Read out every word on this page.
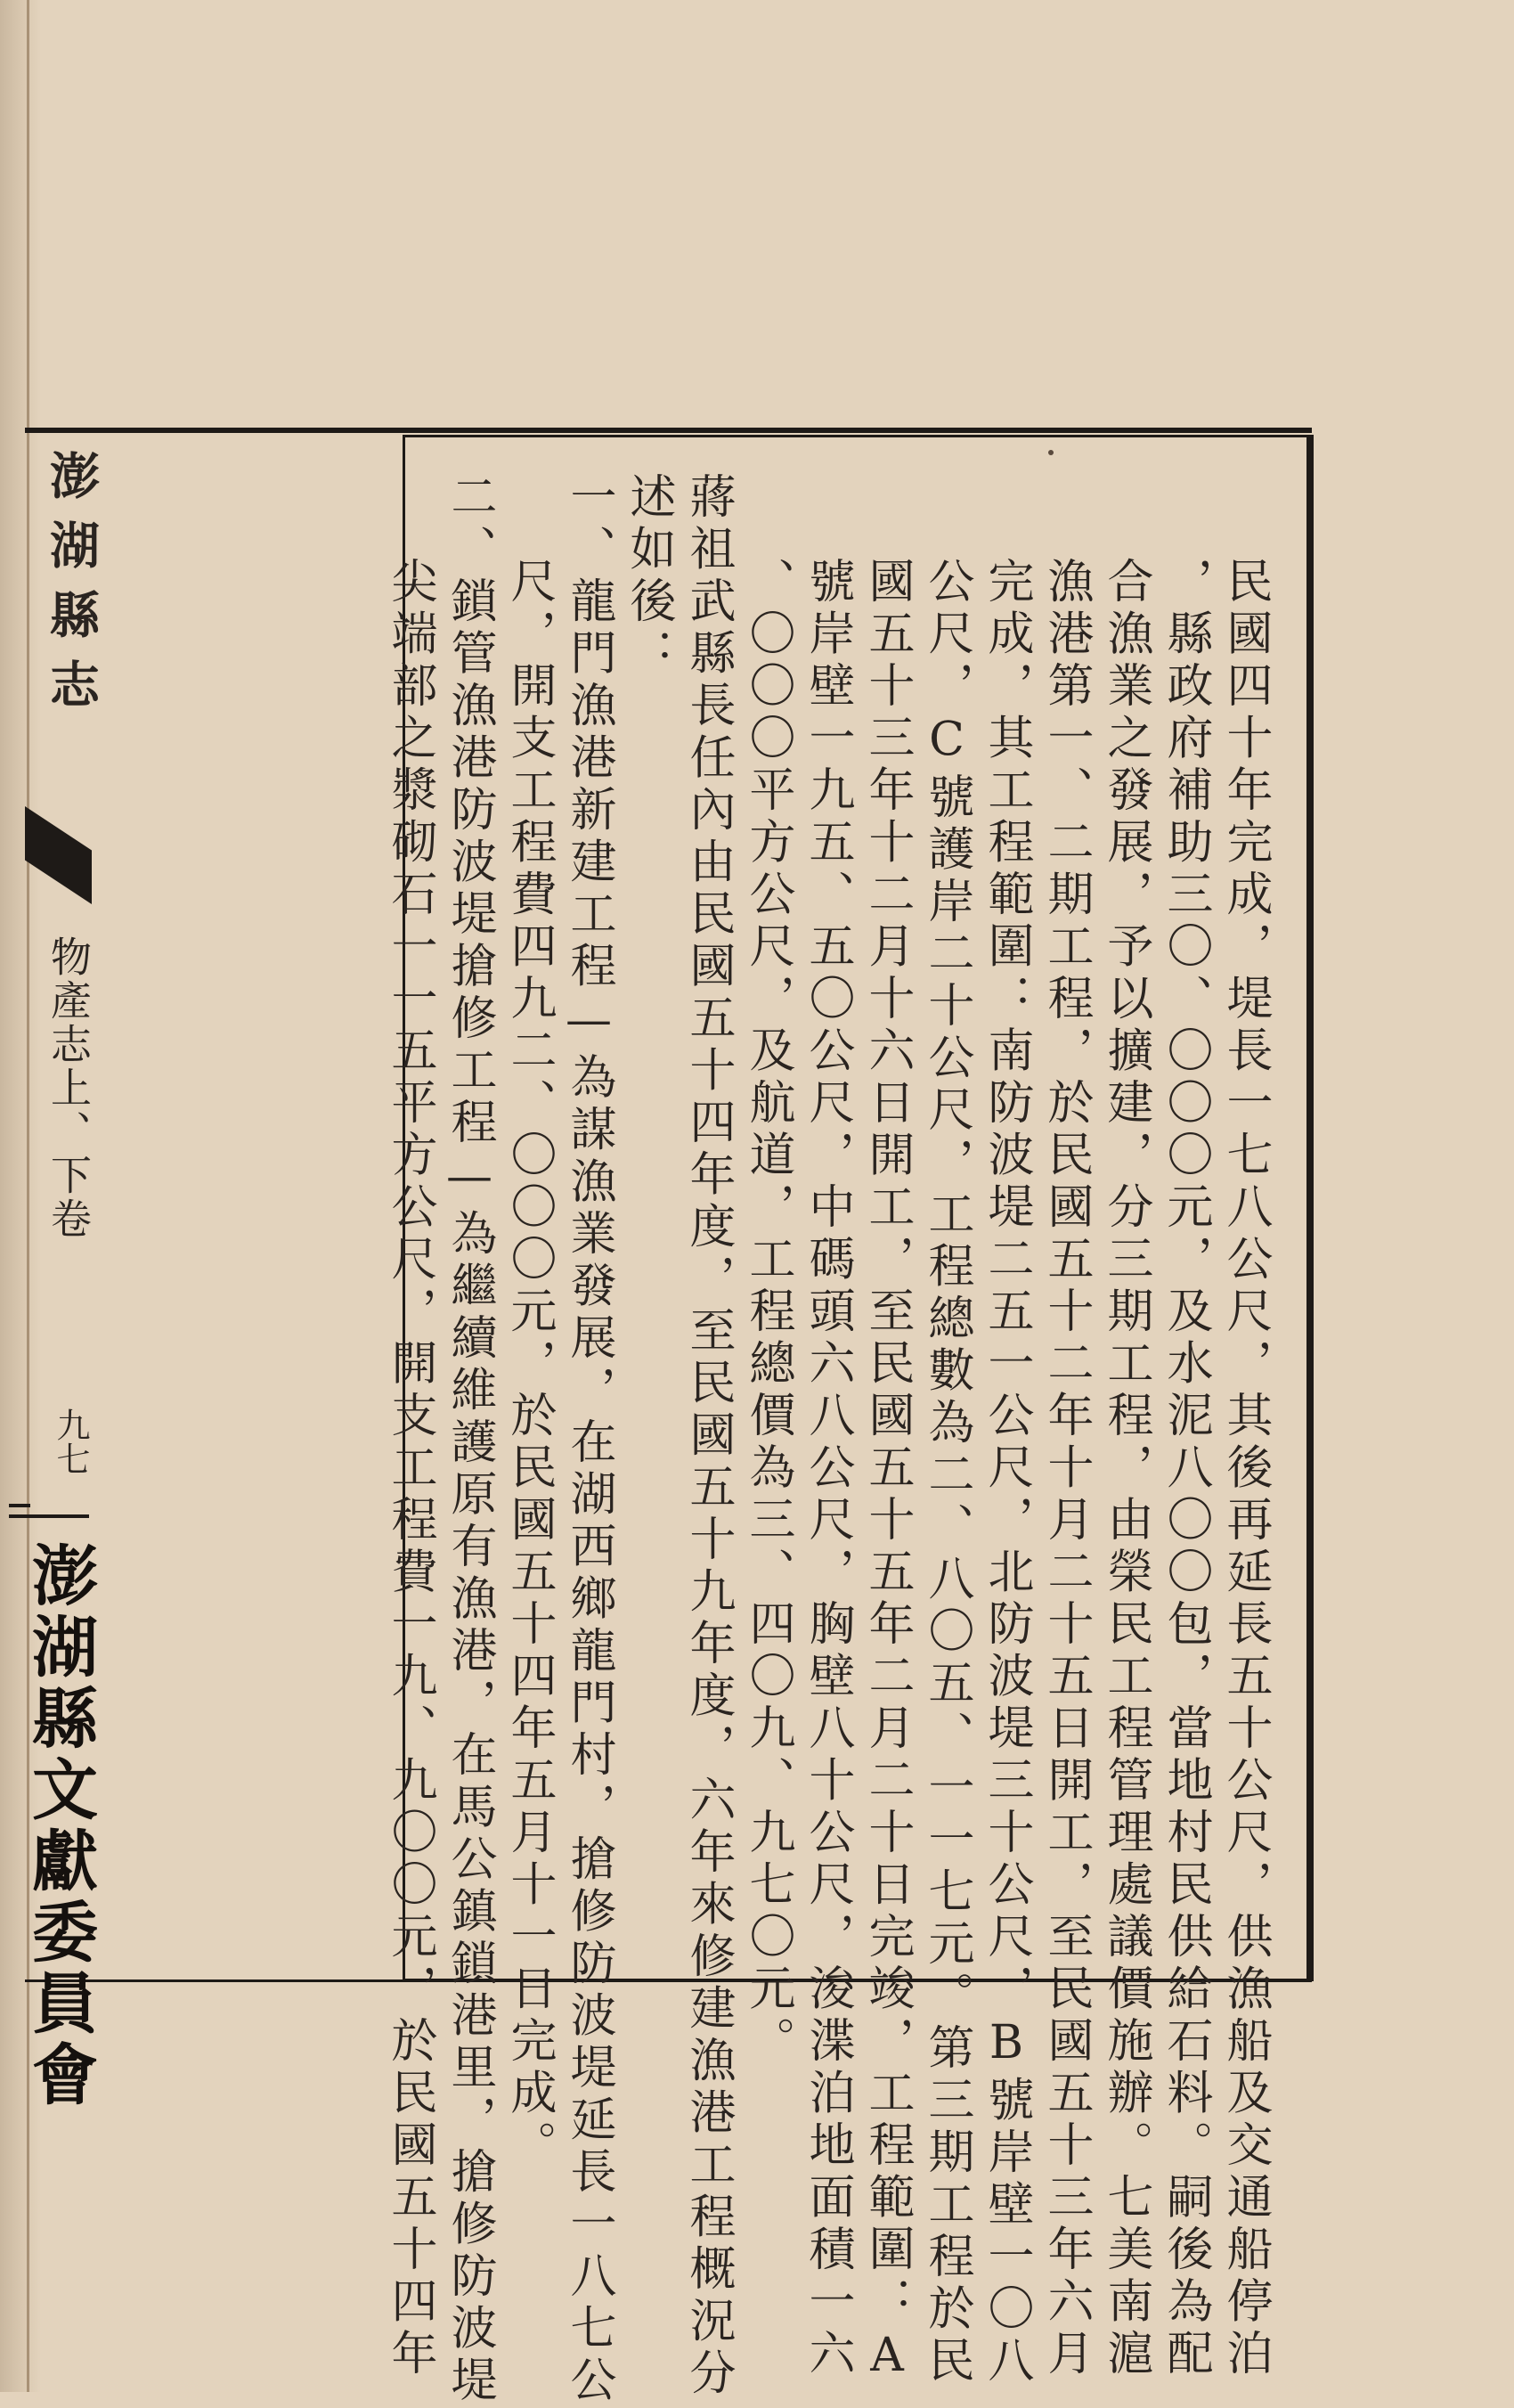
澎湖縣志
物產志上、下卷
九七
澎湖縣文獻委員會	民國四十年完成，堤長一七八公尺，其後再延長五十公尺，供漁船及交通船停泊
，縣政府補助三〇、〇〇〇元，及水泥八〇〇包，當地村民供給石料。嗣後為配
合漁業之發展，予以擴建，分三期工程，由榮民工程管理處議價施辦。七美南滬
漁港第一、二期工程，於民國五十二年十月二十五日開工，至民國五十三年六月
完成，其工程範圍：南防波堤二五一公尺，北防波堤三十公尺，B號岸壁一〇八
公尺，C號護岸二十公尺，工程總數為二、八〇五、一一七元。第三期工程於民
國五十三年十二月十六日開工，至民國五十五年二月二十日完竣，工程範圍：A
號岸壁一九五、五〇公尺，中碼頭六八公尺，胸壁八十公尺，浚渫泊地面積一六
、〇〇〇平方公尺，及航道，工程總價為三、四〇九、九七〇元。
蔣祖武縣長任內由民國五十四年度，至民國五十九年度，六年來修建漁港工程概況分
述如後：
一、龍門漁港新建工程—為謀漁業發展，在湖西鄉龍門村，搶修防波堤延長一八七公
尺，開支工程費四九二、〇〇〇元，於民國五十四年五月十一日完成。
二、鎖管漁港防波堤搶修工程—為繼續維護原有漁港，在馬公鎮鎖港里，搶修防波堤
尖端部之漿砌石一一五平方公尺，開支工程費一九、九〇〇元，於民國五十四年
